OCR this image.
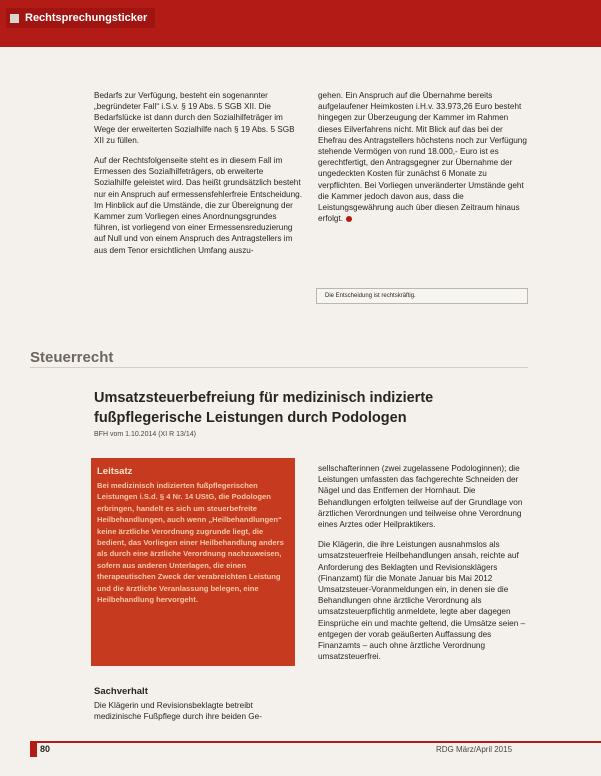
Rechtsprechungsticker

Bedarfs zur Verfügung, besteht ein sogenannter „begründeter Fall“ i.S.v. § 19 Abs. 5 SGB XII. Die Bedarfslücke ist dann durch den Sozialhilfeträger im Wege der erweiterten Sozialhilfe nach § 19 Abs. 5 SGB XII zu füllen.

Auf der Rechtsfolgenseite steht es in diesem Fall im Ermessen des Sozialhilfeträgers, ob erweiterte Sozialhilfe geleistet wird. Das heißt grundsätzlich besteht nur ein Anspruch auf ermessensfehlerfreie Entscheidung. Im Hinblick auf die Umstände, die zur Übereignung der Kammer zum Vorliegen eines Anordnungsgrundes führen, ist vorliegend von einer Ermessensreduzierung auf Null und von einem Anspruch des Antragstellers im aus dem Tenor ersichtlichen Umfang auszu-

gehen. Ein Anspruch auf die Übernahme bereits aufgelaufener Heimkosten i.H.v. 33.973,26 Euro besteht hingegen zur Überzeugung der Kammer im Rahmen dieses Eilverfahrens nicht. Mit Blick auf das bei der Ehefrau des Antragstellers höchstens noch zur Verfügung stehende Vermögen von rund 18.000,- Euro ist es gerechtfertigt, den Antragsgegner zur Übernahme der ungedeckten Kosten für zunächst 6 Monate zu verpflichten. Bei Vorliegen unveränderter Umstände geht die Kammer jedoch davon aus, dass die Leistungsgewährung auch über diesen Zeitraum hinaus erfolgt.

Die Entscheidung ist rechtskräftig.
Steuerrecht
Umsatzsteuerbefreiung für medizinisch indizierte fußpflegerische Leistungen durch Podologen
BFH vom 1.10.2014 (XI R 13/14)
Leitsatz
Bei medizinisch indizierten fußpflegerischen Leistungen i.S.d. § 4 Nr. 14 UStG, die Podologen erbringen, handelt es sich um steuerbefreite Heilbehandlungen, auch wenn „Heilbehandlungen“ keine ärztliche Verordnung zugrunde liegt, die bedient, das Vorliegen einer Heilbehandlung anders als durch eine ärztliche Verordnung nachzuweisen, sofern aus anderen Unterlagen, die einen therapeutischen Zweck der verabreichten Leistung und die ärztliche Veranlassung belegen, eine Heilbehandlung hervorgeht.
Sachverhalt
Die Klägerin und Revisionsbeklagte betreibt medizinische Fußpflege durch ihre beiden Ge-

sellschafterinnen (zwei zugelassene Podologinnen); die Leistungen umfassten das fachgerechte Schneiden der Nägel und das Entfernen der Hornhaut. Die Behandlungen erfolgten teilweise auf der Grundlage von ärztlichen Verordnungen und teilweise ohne Verordnung eines Arztes oder Heilpraktikers.

Die Klägerin, die ihre Leistungen ausnahmslos als umsatzsteuerfreie Heilbehandlungen ansah, reichte auf Anforderung des Beklagten und Revisionsklägers (Finanzamt) für die Monate Januar bis Mai 2012 Umsatzsteuer-Voranmeldungen ein, in denen sie die Behandlungen ohne ärztliche Verordnung als umsatzsteuerpflichtig anmeldete, legte aber dagegen Einsprüche ein und machte geltend, die Umsätze seien – entgegen der vorab geäußerten Auffassung des Finanzamts – auch ohne ärztliche Verordnung umsatzsteuerfrei.

80	RDG März/April 2015
